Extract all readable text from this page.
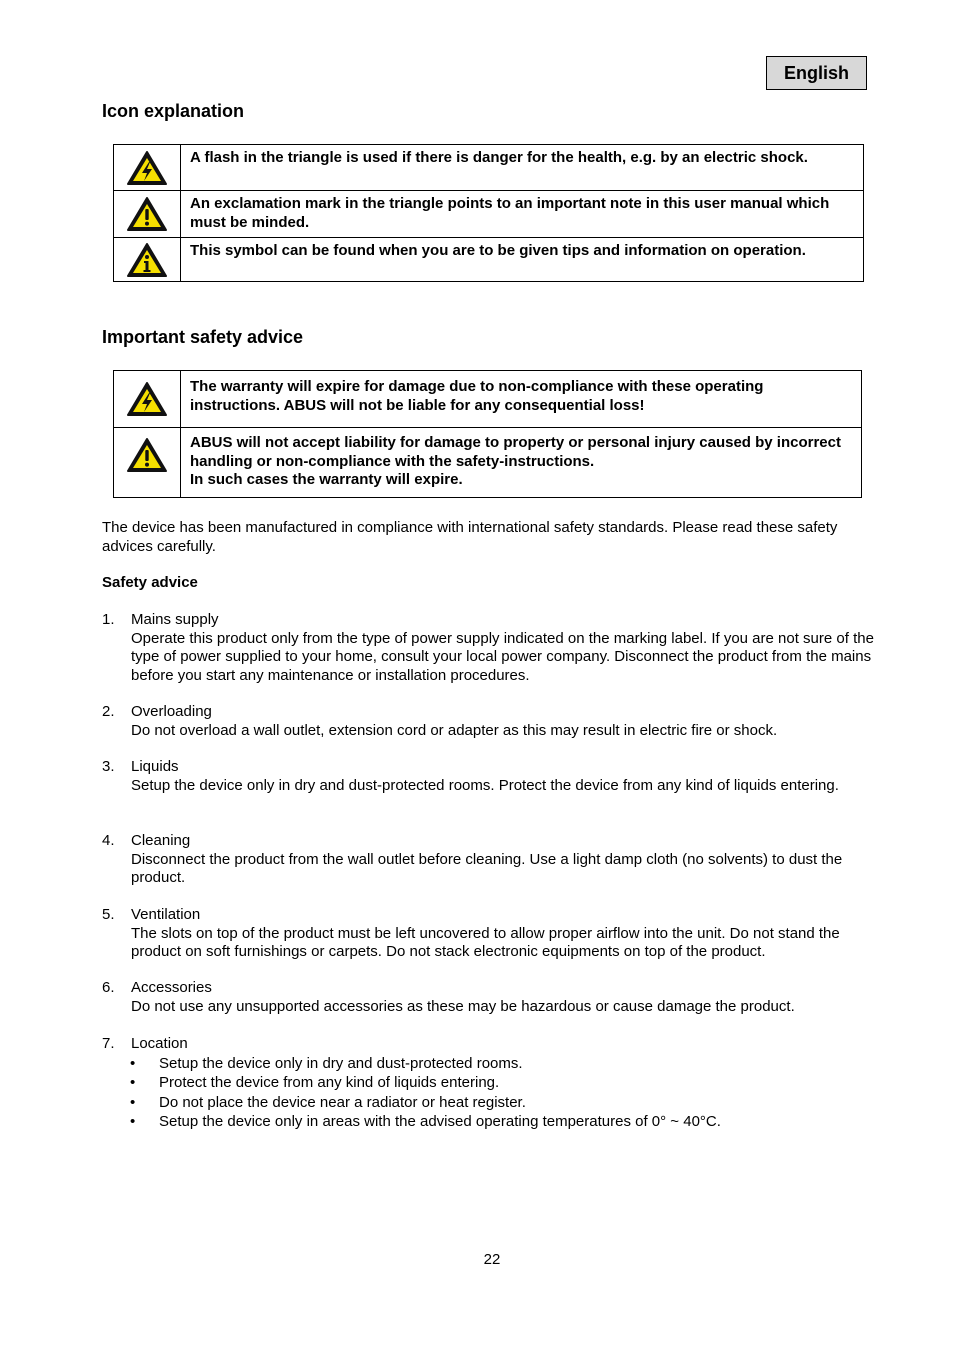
English
Icon explanation
	A flash in the triangle is used if there is danger for the health, e.g. by an electric shock.

	An exclamation mark in the triangle points to an important note in this user manual which must be minded.

	This symbol can be found when you are to be given tips and information on operation.
Important safety advice

The warranty will expire for damage due to non-compliance with these operating instructions. ABUS will not be liable for any consequential loss!

ABUS will not accept liability for damage to property or personal injury caused by incorrect handling or non-compliance with the safety-instructions.
In such cases the warranty will expire.
The device has been manufactured in compliance with international safety standards. Please read these safety advices carefully.
Safety advice
1. Mains supply
Operate this product only from the type of power supply indicated on the marking label. If you are not sure of the type of power supplied to your home, consult your local power company. Disconnect the product from the mains before you start any maintenance or installation procedures.
2. Overloading
Do not overload a wall outlet, extension cord or adapter as this may result in electric fire or shock.
3. Liquids
Setup the device only in dry and dust-protected rooms. Protect the device from any kind of liquids entering.
4. Cleaning
Disconnect the product from the wall outlet before cleaning. Use a light damp cloth (no solvents) to dust the product.
5. Ventilation
The slots on top of the product must be left uncovered to allow proper airflow into the unit. Do not stand the product on soft furnishings or carpets. Do not stack electronic equipments on top of the product.
6. Accessories
Do not use any unsupported accessories as these may be hazardous or cause damage the product.
7. Location
• Setup the device only in dry and dust-protected rooms.
• Protect the device from any kind of liquids entering.
• Do not place the device near a radiator or heat register.
• Setup the device only in areas with the advised operating temperatures of 0° ~ 40°C.
22
